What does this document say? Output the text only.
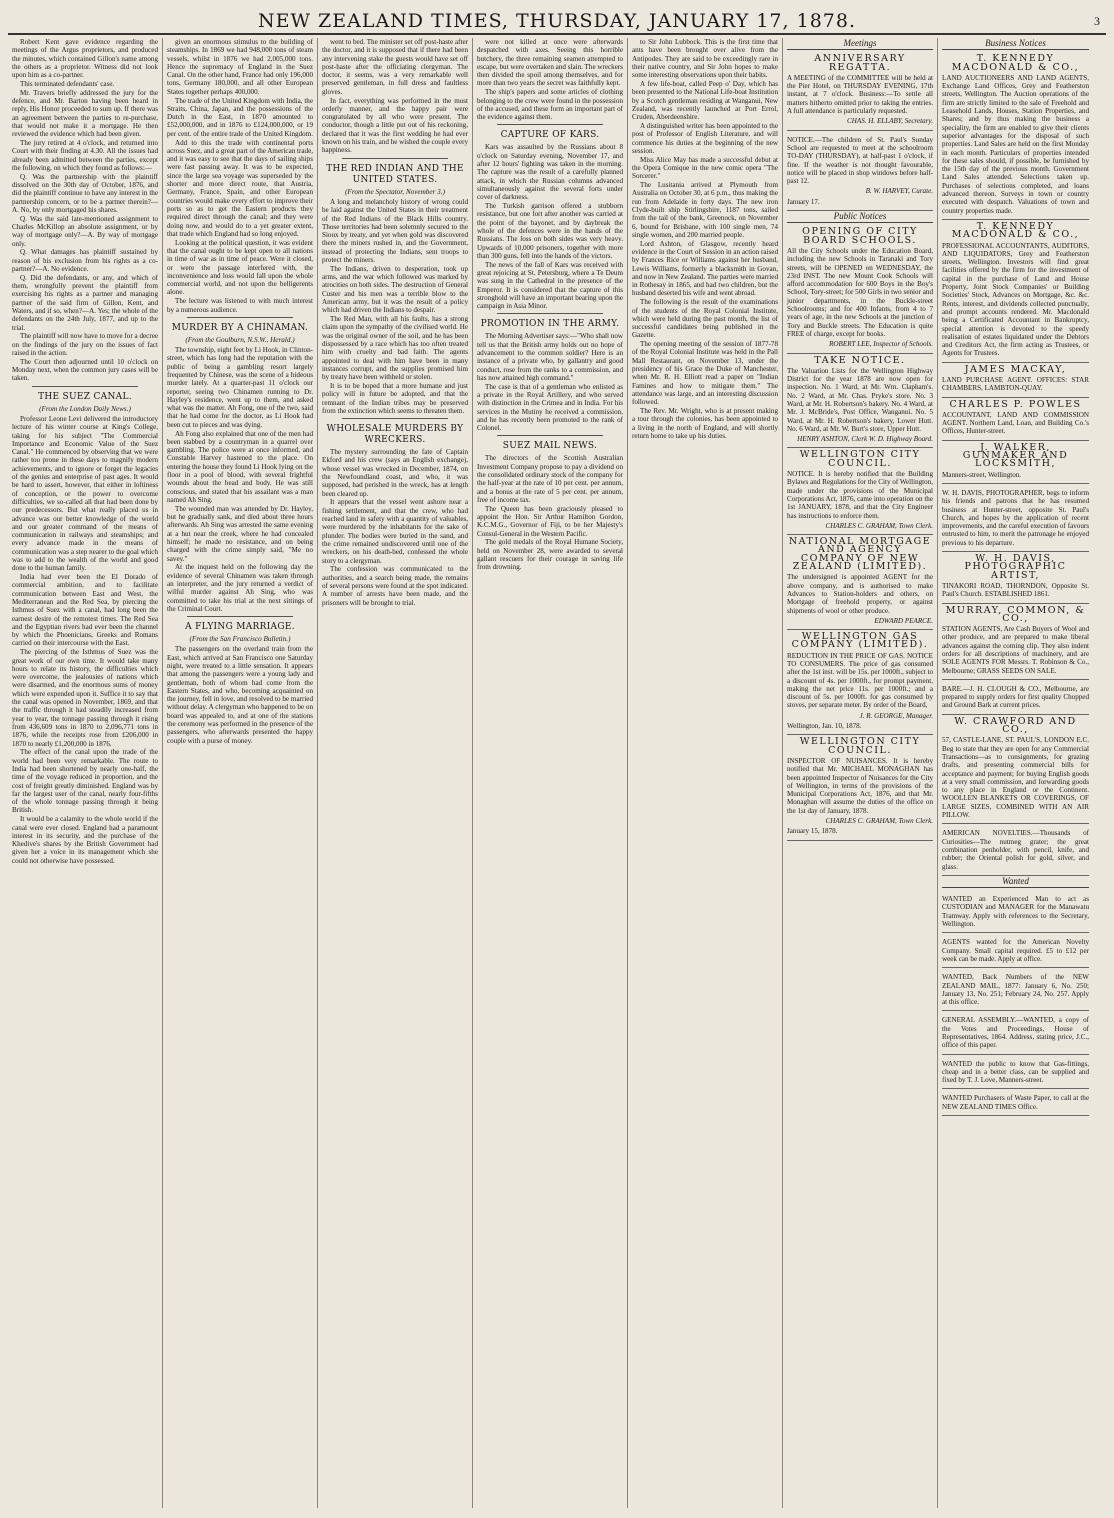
NEW ZEALAND TIMES, THURSDAY, JANUARY 17, 1878.	3

Robert Kent gave evidence regarding the meetings of the Argus proprietors, and produced the minutes, which contained Gillon's name among the others as a proprietor. Witness did not look upon him as a co-partner.

This terminated defendants' case.

Mr. Travers briefly addressed the jury for the defence, and Mr. Barton having been heard in reply, His Honor proceeded to sum up. If there was an agreement between the parties to re-purchase, that would not make it a mortgage. He then reviewed the evidence which had been given.

The jury retired at 4 o'clock, and returned into Court with their finding at 4.30. All the issues had already been admitted between the parties, except the following, on which they found as follows:—

Q. Was the partnership with the plaintiff dissolved on the 30th day of October, 1876, and did the plaintiff continue to have any interest in the partnership concern, or to be a partner therein?—A. No, by only mortgaged his shares.

Q. Was the said late-mentioned assignment to Charles McKillop an absolute assignment, or by way of mortgage only?—A. By way of mortgage only.

Q. What damages has plaintiff sustained by reason of his exclusion from his rights as a co-partner?—A. No evidence.

Q. Did the defendants, or any, and which of them, wrongfully prevent the plaintiff from exercising his rights as a partner and managing partner of the said firm of Gillon, Kent, and Waters, and if so, when?—A. Yes; the whole of the defendants on the 24th July, 1877, and up to the trial.

The plaintiff will now have to move for a decree on the findings of the jury on the issues of fact raised in the action.

The Court then adjourned until 10 o'clock on Monday next, when the common jury cases will be taken.

THE SUEZ CANAL.
(From the London Daily News.)

Professor Leone Levi delivered the introductory lecture of his winter course at King's College, taking for his subject "The Commercial Importance and Economic Value of the Suez Canal." He commenced by observing that we were rather too prone in these days to magnify modern achievements, and to ignore or forget the legacies of the genius and enterprise of past ages. It would be hard to assert, however, that either in loftiness of conception, or the power to overcome difficulties, we so-called all that had been done by our predecessors. But what really placed us in advance was our better knowledge of the world and our greater command of the means of communication in railways and steamships; and every advance made in the means of communication was a step nearer to the goal which was to add to the wealth of the world and good done to the human family.

India had ever been the El Dorado of commercial ambition, and to facilitate communication between East and West, the Mediterranean and the Red Sea, by piercing the Isthmus of Suez with a canal, had long been the earnest desire of the remotest times. The Red Sea and the Egyptian rivers had ever been the channel by which the Phoenicians, Greeks and Romans carried on their intercourse with the East.

The piercing of the Isthmus of Suez was the great work of our own time. It would take many hours to relate its history, the difficulties which were overcome, the jealousies of nations which were disarmed, and the enormous sums of money which were expended upon it. Suffice it to say that the canal was opened in November, 1869, and that the traffic through it had steadily increased from year to year, the tonnage passing through it rising from 436,609 tons in 1870 to 2,096,771 tons in 1876, while the receipts rose from £206,000 in 1870 to nearly £1,200,000 in 1876.

The effect of the canal upon the trade of the world had been very remarkable. The route to India had been shortened by nearly one-half, the time of the voyage reduced in proportion, and the cost of freight greatly diminished. England was by far the largest user of the canal, nearly four-fifths of the whole tonnage passing through it being British.

It would be a calamity to the whole world if the canal were ever closed. England had a paramount interest in its security, and the purchase of the Khedive's shares by the British Government had given her a voice in its management which she could not otherwise have possessed.

given an enormous stimulus to the building of steamships. In 1869 we had 948,000 tons of steam vessels, whilst in 1876 we had 2,005,000 tons. Hence the supremacy of England in the Suez Canal. On the other hand, France had only 196,000 tons, Germany 180,000, and all other European States together perhaps 400,000.

The trade of the United Kingdom with India, the Straits, China, Japan, and the possessions of the Dutch in the East, in 1870 amounted to £52,000,000, and in 1876 to £124,000,000, or 19 per cent. of the entire trade of the United Kingdom.

Add to this the trade with continental ports across Suez, and a great part of the American trade, and it was easy to see that the days of sailing ships were fast passing away. It was to be expected, since the large sea voyage was superseded by the shorter and more direct route, that Austria, Germany, France, Spain, and other European countries would make every effort to improve their ports so as to get the Eastern products they required direct through the canal; and they were doing now, and would do to a yet greater extent, that trade which England had so long enjoyed.

Looking at the political question, it was evident that the canal ought to be kept open to all nations in time of war as in time of peace. Were it closed, or were the passage interfered with, the inconvenience and loss would fall upon the whole commercial world, and not upon the belligerents alone.

The lecture was listened to with much interest by a numerous audience.

MURDER BY A CHINAMAN.
(From the Goulburn, N.S.W., Herald.)

The township, eight feet by Li Hook, in Clinton-street, which has long had the reputation with the public of being a gambling resort largely frequented by Chinese, was the scene of a hideous murder lately. At a quarter-past 11 o'clock our reporter, seeing two Chinamen running to Dr. Hayley's residence, went up to them, and asked what was the matter. Ah Fong, one of the two, said that he had come for the doctor, as Li Hook had been cut to pieces and was dying.

Ah Fong also explained that one of the men had been stabbed by a countryman in a quarrel over gambling. The police were at once informed, and Constable Harvey hastened to the place. On entering the house they found Li Hook lying on the floor in a pool of blood, with several frightful wounds about the head and body. He was still conscious, and stated that his assailant was a man named Ah Sing.

The wounded man was attended by Dr. Hayley, but he gradually sank, and died about three hours afterwards. Ah Sing was arrested the same evening at a hut near the creek, where he had concealed himself; he made no resistance, and on being charged with the crime simply said, "Me no savey."

At the inquest held on the following day the evidence of several Chinamen was taken through an interpreter, and the jury returned a verdict of wilful murder against Ah Sing, who was committed to take his trial at the next sittings of the Criminal Court.

A FLYING MARRIAGE.
(From the San Francisco Bulletin.)

The passengers on the overland train from the East, which arrived at San Francisco one Saturday night, were treated to a little sensation. It appears that among the passengers were a young lady and gentleman, both of whom had come from the Eastern States, and who, becoming acquainted on the journey, fell in love, and resolved to be married without delay. A clergyman who happened to be on board was appealed to, and at one of the stations the ceremony was performed in the presence of the passengers, who afterwards presented the happy couple with a purse of money.

went to bed. The minister set off post-haste after the doctor, and it is supposed that if there had been any intervening stake the guests would have set off post-haste after the officiating clergyman. The doctor, it seems, was a very remarkable well preserved gentleman, in full dress and faultless gloves.

In fact, everything was performed in the most orderly manner, and the happy pair were congratulated by all who were present. The conductor, though a little put out of his reckoning, declared that it was the first wedding he had ever known on his train, and he wished the couple every happiness.

THE RED INDIAN AND THE UNITED STATES.
(From the Spectator, November 3.)

A long and melancholy history of wrong could be laid against the United States in their treatment of the Red Indians of the Black Hills country. Those territories had been solemnly secured to the Sioux by treaty, and yet when gold was discovered there the miners rushed in, and the Government, instead of protecting the Indians, sent troops to protect the miners.

The Indians, driven to desperation, took up arms, and the war which followed was marked by atrocities on both sides. The destruction of General Custer and his men was a terrible blow to the American army, but it was the result of a policy which had driven the Indians to despair.

The Red Man, with all his faults, has a strong claim upon the sympathy of the civilised world. He was the original owner of the soil, and he has been dispossessed by a race which has too often treated him with cruelty and bad faith. The agents appointed to deal with him have been in many instances corrupt, and the supplies promised him by treaty have been withheld or stolen.

It is to be hoped that a more humane and just policy will in future be adopted, and that the remnant of the Indian tribes may be preserved from the extinction which seems to threaten them.

WHOLESALE MURDERS BY WRECKERS.

The mystery surrounding the fate of Captain Ekford and his crew (says an English exchange), whose vessel was wrecked in December, 1874, on the Newfoundland coast, and who, it was supposed, had perished in the wreck, has at length been cleared up.

It appears that the vessel went ashore near a fishing settlement, and that the crew, who had reached land in safety with a quantity of valuables, were murdered by the inhabitants for the sake of plunder. The bodies were buried in the sand, and the crime remained undiscovered until one of the wreckers, on his death-bed, confessed the whole story to a clergyman.

The confession was communicated to the authorities, and a search being made, the remains of several persons were found at the spot indicated. A number of arrests have been made, and the prisoners will be brought to trial.

were not killed at once were afterwards despatched with axes. Seeing this horrible butchery, the three remaining seamen attempted to escape, but were overtaken and slain. The wreckers then divided the spoil among themselves, and for more than two years the secret was faithfully kept.

The ship's papers and some articles of clothing belonging to the crew were found in the possession of the accused, and these form an important part of the evidence against them.

CAPTURE OF KARS.

Kars was assaulted by the Russians about 8 o'clock on Saturday evening, November 17, and after 12 hours' fighting was taken in the morning. The capture was the result of a carefully planned attack, in which the Russian columns advanced simultaneously against the several forts under cover of darkness.

The Turkish garrison offered a stubborn resistance, but one fort after another was carried at the point of the bayonet, and by daybreak the whole of the defences were in the hands of the Russians. The loss on both sides was very heavy. Upwards of 10,000 prisoners, together with more than 300 guns, fell into the hands of the victors.

The news of the fall of Kars was received with great rejoicing at St. Petersburg, where a Te Deum was sung in the Cathedral in the presence of the Emperor. It is considered that the capture of this stronghold will have an important bearing upon the campaign in Asia Minor.

PROMOTION IN THE ARMY.

The Morning Advertiser says:—"Who shall now tell us that the British army holds out no hope of advancement to the common soldier? Here is an instance of a private who, by gallantry and good conduct, rose from the ranks to a commission, and has now attained high command."

The case is that of a gentleman who enlisted as a private in the Royal Artillery, and who served with distinction in the Crimea and in India. For his services in the Mutiny he received a commission, and he has recently been promoted to the rank of Colonel.

SUEZ MAIL NEWS.

The directors of the Scottish Australian Investment Company propose to pay a dividend on the consolidated ordinary stock of the company for the half-year at the rate of 10 per cent. per annum, and a bonus at the rate of 5 per cent. per annum, free of income tax.

The Queen has been graciously pleased to appoint the Hon. Sir Arthur Hamilton Gordon, K.C.M.G., Governor of Fiji, to be her Majesty's Consul-General in the Western Pacific.

The gold medals of the Royal Humane Society, held on November 28, were awarded to several gallant rescuers for their courage in saving life from drowning.

to Sir John Lubbock. This is the first time that ants have been brought over alive from the Antipodes. They are said to be exceedingly rare in their native country, and Sir John hopes to make some interesting observations upon their habits.

A few life-boat, called Peep o' Day, which has been presented to the National Life-boat Institution by a Scotch gentleman residing at Wanganui, New Zealand, was recently launched at Port Errol, Cruden, Aberdeenshire.

A distinguished writer has been appointed to the post of Professor of English Literature, and will commence his duties at the beginning of the new session.

Miss Alice May has made a successful debut at the Opera Comique in the new comic opera "The Sorcerer."

The Lusitania arrived at Plymouth from Australia on October 30, at 6 p.m., thus making the run from Adelaide in forty days. The new iron Clyde-built ship Stirlingshire, 1187 tons, sailed from the tail of the bank, Greenock, on November 6, bound for Brisbane, with 100 single men, 74 single women, and 200 married people.

Lord Ashton, of Glasgow, recently heard evidence in the Court of Session in an action raised by Frances Rice or Williams against her husband, Lewis Williams, formerly a blacksmith in Govan, and now in New Zealand. The parties were married in Rothesay in 1865, and had two children, but the husband deserted his wife and went abroad.

The following is the result of the examinations of the students of the Royal Colonial Institute, which were held during the past month, the list of successful candidates being published in the Gazette.

The opening meeting of the session of 1877-78 of the Royal Colonial Institute was held in the Pall Mall Restaurant, on November 13, under the presidency of his Grace the Duke of Manchester, when Mr. R. H. Elliott read a paper on "Indian Famines and how to mitigate them." The attendance was large, and an interesting discussion followed.

The Rev. Mr. Wright, who is at present making a tour through the colonies, has been appointed to a living in the north of England, and will shortly return home to take up his duties.

Meetings
ANNIVERSARY REGATTA.
A MEETING of the COMMITTEE will be held at the Pier Hotel, on THURSDAY EVENING, 17th instant, at 7 o'clock. Business:—To settle all matters hitherto omitted prior to taking the entries. A full attendance is particularly requested.
CHAS. H. ELLABY, Secretary.
NOTICE.—The children of St. Paul's Sunday School are requested to meet at the schoolroom TO-DAY (THURSDAY), at half-past 1 o'clock, if fine. If the weather is not thought favourable, notice will be placed in shop windows before half-past 12.
B. W. HARVEY, Curate.
January 17.
Public Notices
OPENING OF CITY BOARD SCHOOLS.
All the City Schools under the Education Board, including the new Schools in Taranaki and Tory streets, will be OPENED on WEDNESDAY, the 23rd INST. The new Mount Cook Schools will afford accommodation for 600 Boys in the Boy's School, Tory-street; for 500 Girls in two senior and junior departments, in the Buckle-street Schoolrooms; and for 400 Infants, from 4 to 7 years of age, in the new Schools at the junction of Tory and Buckle streets. The Education is quite FREE of charge, except for books.
ROBERT LEE, Inspector of Schools.
TAKE NOTICE.
The Valuation Lists for the Wellington Highway District for the year 1878 are now open for inspection. No. 1 Ward, at Mr. Wm. Clapham's. No. 2 Ward, at Mr. Chas. Pryke's store. No. 3 Ward, at Mr. H. Robertson's bakery. No. 4 Ward, at Mr. J. McBride's, Post Office, Wanganui. No. 5 Ward, at Mr. H. Robertson's bakery, Lower Hutt. No. 6 Ward, at Mr. W. Burt's store, Upper Hutt.
HENRY ASHTON, Clerk W. D. Highway Board.
WELLINGTON CITY COUNCIL.
NOTICE. It is hereby notified that the Building Bylaws and Regulations for the City of Wellington, made under the provisions of the Municipal Corporations Act, 1876, came into operation on the 1st JANUARY, 1878, and that the City Engineer has instructions to enforce them.
CHARLES C. GRAHAM, Town Clerk.
NATIONAL MORTGAGE AND AGENCY COMPANY OF NEW ZEALAND (LIMITED).
The undersigned is appointed AGENT for the above company, and is authorised to make Advances to Station-holders and others, on Mortgage of freehold property, or against shipments of wool or other produce.
EDWARD PEARCE.
WELLINGTON GAS COMPANY (LIMITED).
REDUCTION IN THE PRICE OF GAS. NOTICE TO CONSUMERS. The price of gas consumed after the 1st inst. will be 15s. per 1000ft., subject to a discount of 4s. per 1000ft., for prompt payment, making the net price 11s. per 1000ft.; and a discount of 5s. per 1000ft. for gas consumed by stoves, per separate meter. By order of the Board,
J. R. GEORGE, Manager.
Wellington, Jan. 10, 1878.
WELLINGTON CITY COUNCIL.
INSPECTOR OF NUISANCES. It is hereby notified that Mr. MICHAEL MONAGHAN has been appointed Inspector of Nuisances for the City of Wellington, in terms of the provisions of the Municipal Corporations Act, 1876, and that Mr. Monaghan will assume the duties of the office on the 1st day of January, 1878.
CHARLES C. GRAHAM, Town Clerk.
January 15, 1878.
Business Notices
T. KENNEDY MACDONALD & CO.,
LAND AUCTIONEERS AND LAND AGENTS, Exchange Land Offices, Grey and Featherston streets, Wellington. The Auction operations of the firm are strictly limited to the sale of Freehold and Leasehold Lands, Houses, Station Properties, and Shares; and by thus making the business a speciality, the firm are enabled to give their clients superior advantages for the disposal of such properties. Land Sales are held on the first Monday in each month. Particulars of properties intended for these sales should, if possible, be furnished by the 15th day of the previous month. Government Land Sales attended. Selections taken up. Purchases of selections completed, and loans advanced thereon. Surveys in town or country executed with despatch. Valuations of town and country properties made.
T. KENNEDY MACDONALD & CO.,
PROFESSIONAL ACCOUNTANTS, AUDITORS, AND LIQUIDATORS, Grey and Featherston streets, Wellington. Investors will find great facilities offered by the firm for the investment of capital in the purchase of Land and House Property, Joint Stock Companies' or Building Societies' Stock, Advances on Mortgage, &c. &c. Rents, interest, and dividends collected punctually, and prompt accounts rendered. Mr. Macdonald being a Certificated Accountant in Bankruptcy, special attention is devoted to the speedy realisation of estates liquidated under the Debtors and Creditors Act, the firm acting as Trustees, or Agents for Trustees.
JAMES MACKAY,
LAND PURCHASE AGENT. OFFICES: STAR CHAMBERS, LAMBTON-QUAY.
CHARLES P. POWLES
ACCOUNTANT, LAND AND COMMISSION AGENT. Northern Land, Loan, and Building Co.'s Offices, Hunter-street.
J. WALKER, GUNMAKER AND LOCKSMITH,
Manners-street, Wellington.
W. H. DAVIS, PHOTOGRAPHER, begs to inform his friends and patrons that he has resumed business at Hunter-street, opposite St. Paul's Church, and hopes by the application of recent improvements, and the careful execution of favours entrusted to him, to merit the patronage he enjoyed previous to his departure.
W. H. DAVIS, PHOTOGRAPHIC ARTIST,
TINAKORI ROAD, THORNDON, Opposite St. Paul's Church. ESTABLISHED 1861.
MURRAY, COMMON, & CO.,
STATION AGENTS, Are Cash Buyers of Wool and other produce, and are prepared to make liberal advances against the coming clip. They also indent orders for all descriptions of machinery, and are SOLE AGENTS FOR Messrs. T. Robinson & Co., Melbourne; GRASS SEEDS ON SALE.
BARE.—J. H. CLOUGH & CO., Melbourne, are prepared to supply orders for first quality Chopped and Ground Bark at current prices.
W. CRAWFORD AND CO.,
57, CASTLE-LANE, ST. PAUL'S, LONDON E.C. Beg to state that they are open for any Commercial Transactions—as to consignments, for grazing drafts, and presenting commercial bills for acceptance and payment; for buying English goods at a very small commission, and forwarding goods to any place in England or the Continent. WOOLLEN BLANKETS OR COVERINGS, OF LARGE SIZES, COMBINED WITH AN AIR PILLOW.
AMERICAN NOVELTIES.—Thousands of Curiosities—The nutmeg grater; the great combination penholder, with pencil, knife, and rubber; the Oriental polish for gold, silver, and glass.
Wanted
WANTED an Experienced Man to act as CUSTODIAN and MANAGER for the Manawatu Tramway. Apply with references to the Secretary, Wellington.
AGENTS wanted for the American Novelty Company. Small capital required. £5 to £12 per week can be made. Apply at office.
WANTED, Back Numbers of the NEW ZEALAND MAIL, 1877: January 6, No. 250; January 13, No. 251; February 24, No. 257. Apply at this office.
GENERAL ASSEMBLY.—WANTED, a copy of the Votes and Proceedings, House of Representatives, 1864. Address, stating price, J.C., office of this paper.
WANTED the public to know that Gas-fittings, cheap and in a better class, can be supplied and fixed by T. J. Love, Manners-street.
WANTED Purchasers of Waste Paper, to call at the NEW ZEALAND TIMES Office.
